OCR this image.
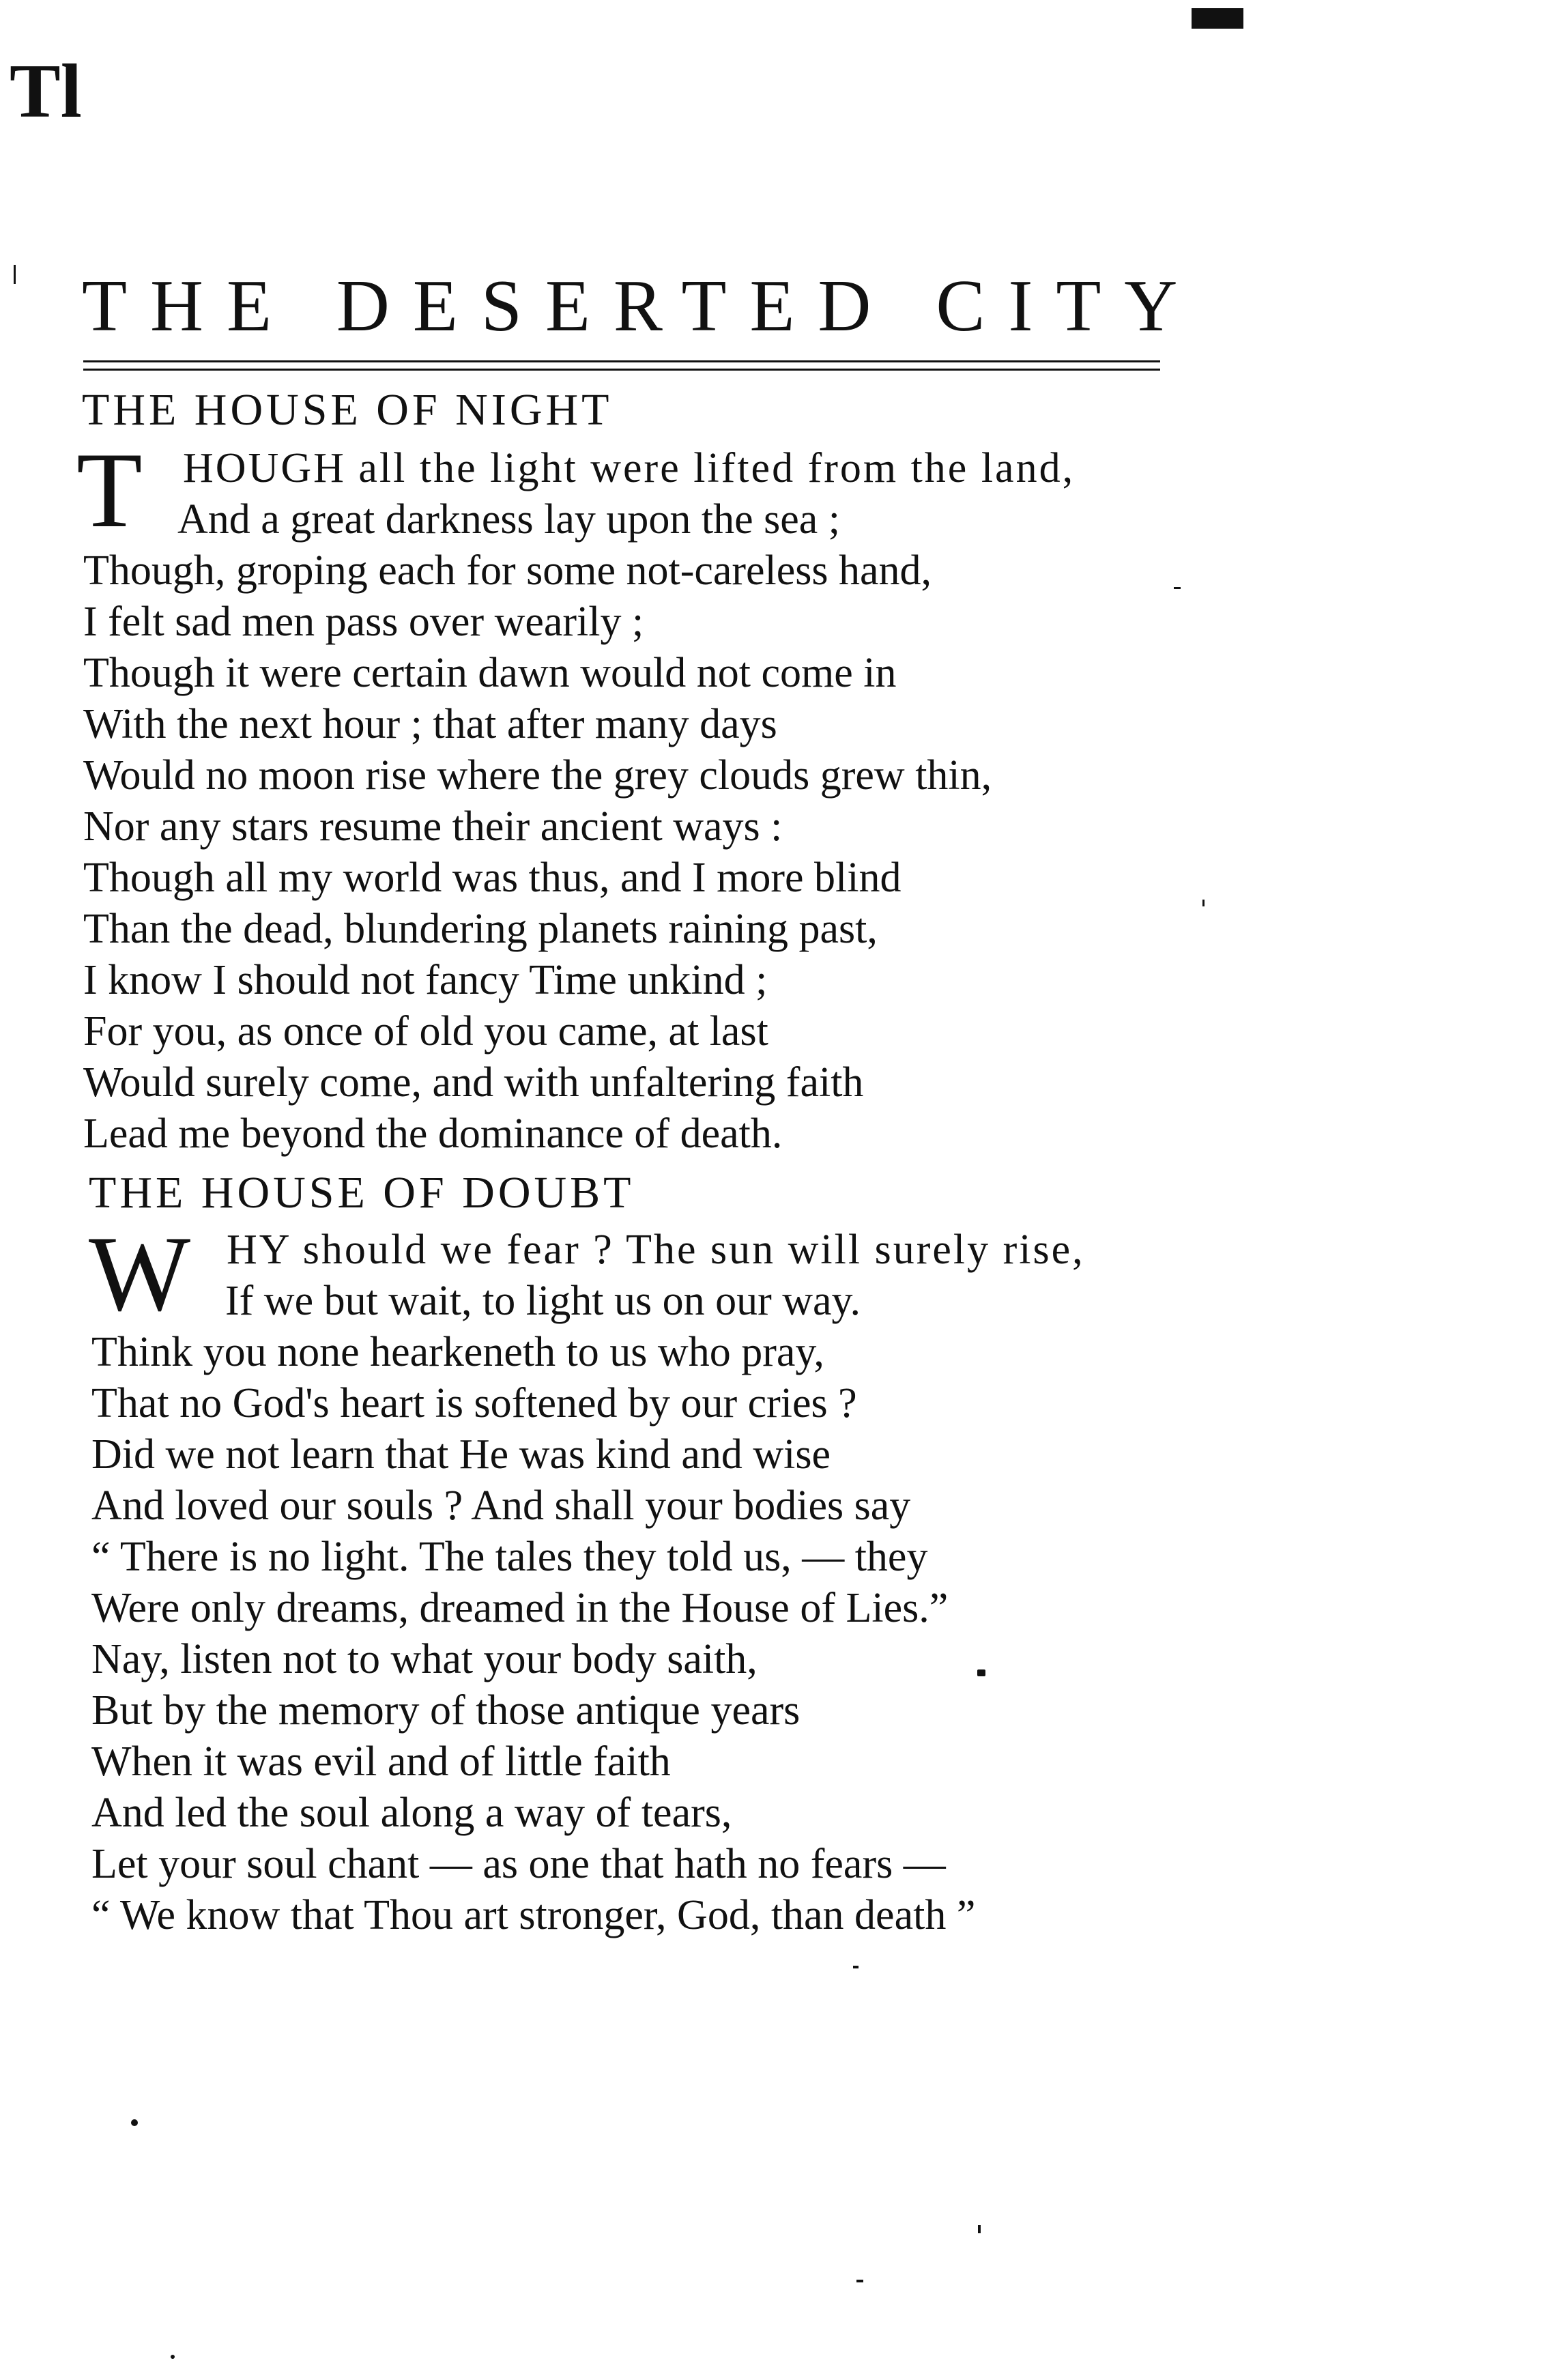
Tl
THE DESERTED CITY
THE HOUSE OF NIGHT
T HOUGH all the light were lifted from the land,
And a great darkness lay upon the sea ;
Though, groping each for some not-careless hand,
I felt sad men pass over wearily ;
Though it were certain dawn would not come in
With the next hour ; that after many days
Would no moon rise where the grey clouds grew thin,
Nor any stars resume their ancient ways :
Though all my world was thus, and I more blind
Than the dead, blundering planets raining past,
I know I should not fancy Time unkind ;
For you, as once of old you came, at last
Would surely come, and with unfaltering faith
Lead me beyond the dominance of death.
THE HOUSE OF DOUBT
W HY should we fear ? The sun will surely rise,
If we but wait, to light us on our way.
Think you none hearkeneth to us who pray,
That no God's heart is softened by our cries ?
Did we not learn that He was kind and wise
And loved our souls ? And shall your bodies say
“ There is no light. The tales they told us, — they
Were only dreams, dreamed in the House of Lies.”
Nay, listen not to what your body saith,
But by the memory of those antique years
When it was evil and of little faith
And led the soul along a way of tears,
Let your soul chant — as one that hath no fears —
“ We know that Thou art stronger, God, than death ”
